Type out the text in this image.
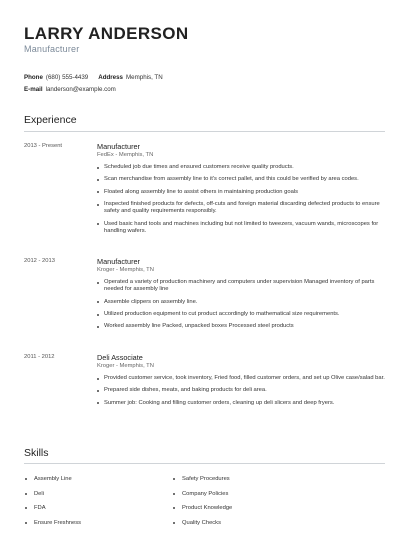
LARRY ANDERSON
Manufacturer
Phone (680) 555-4439 Address Memphis, TN
E-mail landerson@example.com
Experience
2013 - Present	Manufacturer
FedEx - Memphis, TN
Scheduled job due times and ensured customers receive quality products.
Scan merchandise from assembly line to it's correct pallet, and this could be verified by area codes.
Floated along assembly line to assist others in maintaining production goals
Inspected finished products for defects, off-cuts and foreign material discarding defected products to ensure safety and quality requirements responsibly.
Used basic hand tools and machines including but not limited to tweezers, vacuum wands, microscopes for handling wafers.
2012 - 2013	Manufacturer
Kroger - Memphis, TN
Operated a variety of production machinery and computers under supervision Managed inventory of parts needed for assembly line
Assemble clippers on assembly line.
Utilized production equipment to cut product accordingly to mathematical size requirements.
Worked assembly line Packed, unpacked boxes Processed steel products
2011 - 2012	Deli Associate
Kroger - Memphis, TN
Provided customer service, took inventory, Fried food, filled customer orders, and set up Olive case/salad bar.
Prepared side dishes, meats, and baking products for deli area.
Summer job: Cooking and filling customer orders, cleaning up deli slicers and deep fryers.
Skills
Assembly Line
Deli
FDA
Ensure Freshness
Safety Procedures
Company Policies
Product Knowledge
Quality Checks
